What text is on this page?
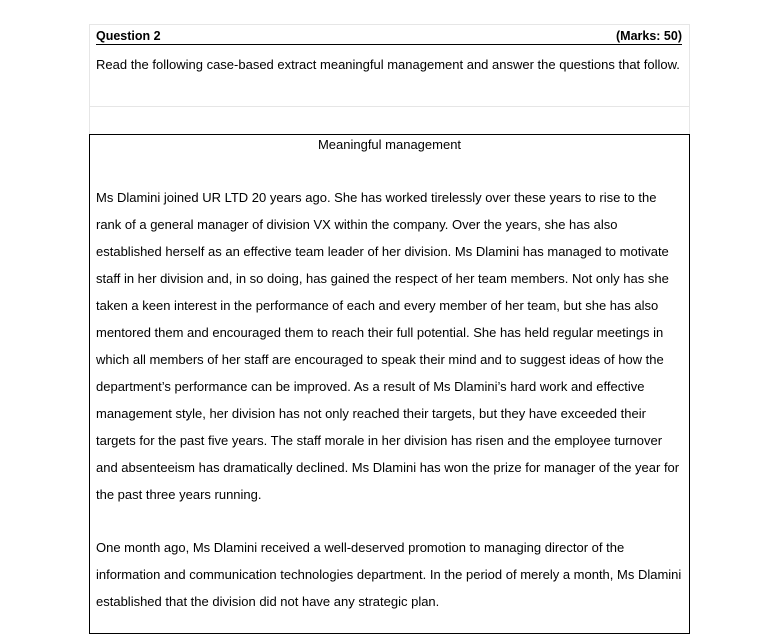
Question 2	(Marks: 50)
Read the following case-based extract meaningful management and answer the questions that follow.
Meaningful management
Ms Dlamini joined UR LTD 20 years ago. She has worked tirelessly over these years to rise to the rank of a general manager of division VX within the company. Over the years, she has also established herself as an effective team leader of her division. Ms Dlamini has managed to motivate staff in her division and, in so doing, has gained the respect of her team members. Not only has she taken a keen interest in the performance of each and every member of her team, but she has also mentored them and encouraged them to reach their full potential. She has held regular meetings in which all members of her staff are encouraged to speak their mind and to suggest ideas of how the department’s performance can be improved. As a result of Ms Dlamini’s hard work and effective management style, her division has not only reached their targets, but they have exceeded their targets for the past five years. The staff morale in her division has risen and the employee turnover and absenteeism has dramatically declined. Ms Dlamini has won the prize for manager of the year for the past three years running.
One month ago, Ms Dlamini received a well-deserved promotion to managing director of the information and communication technologies department. In the period of merely a month, Ms Dlamini established that the division did not have any strategic plan.
